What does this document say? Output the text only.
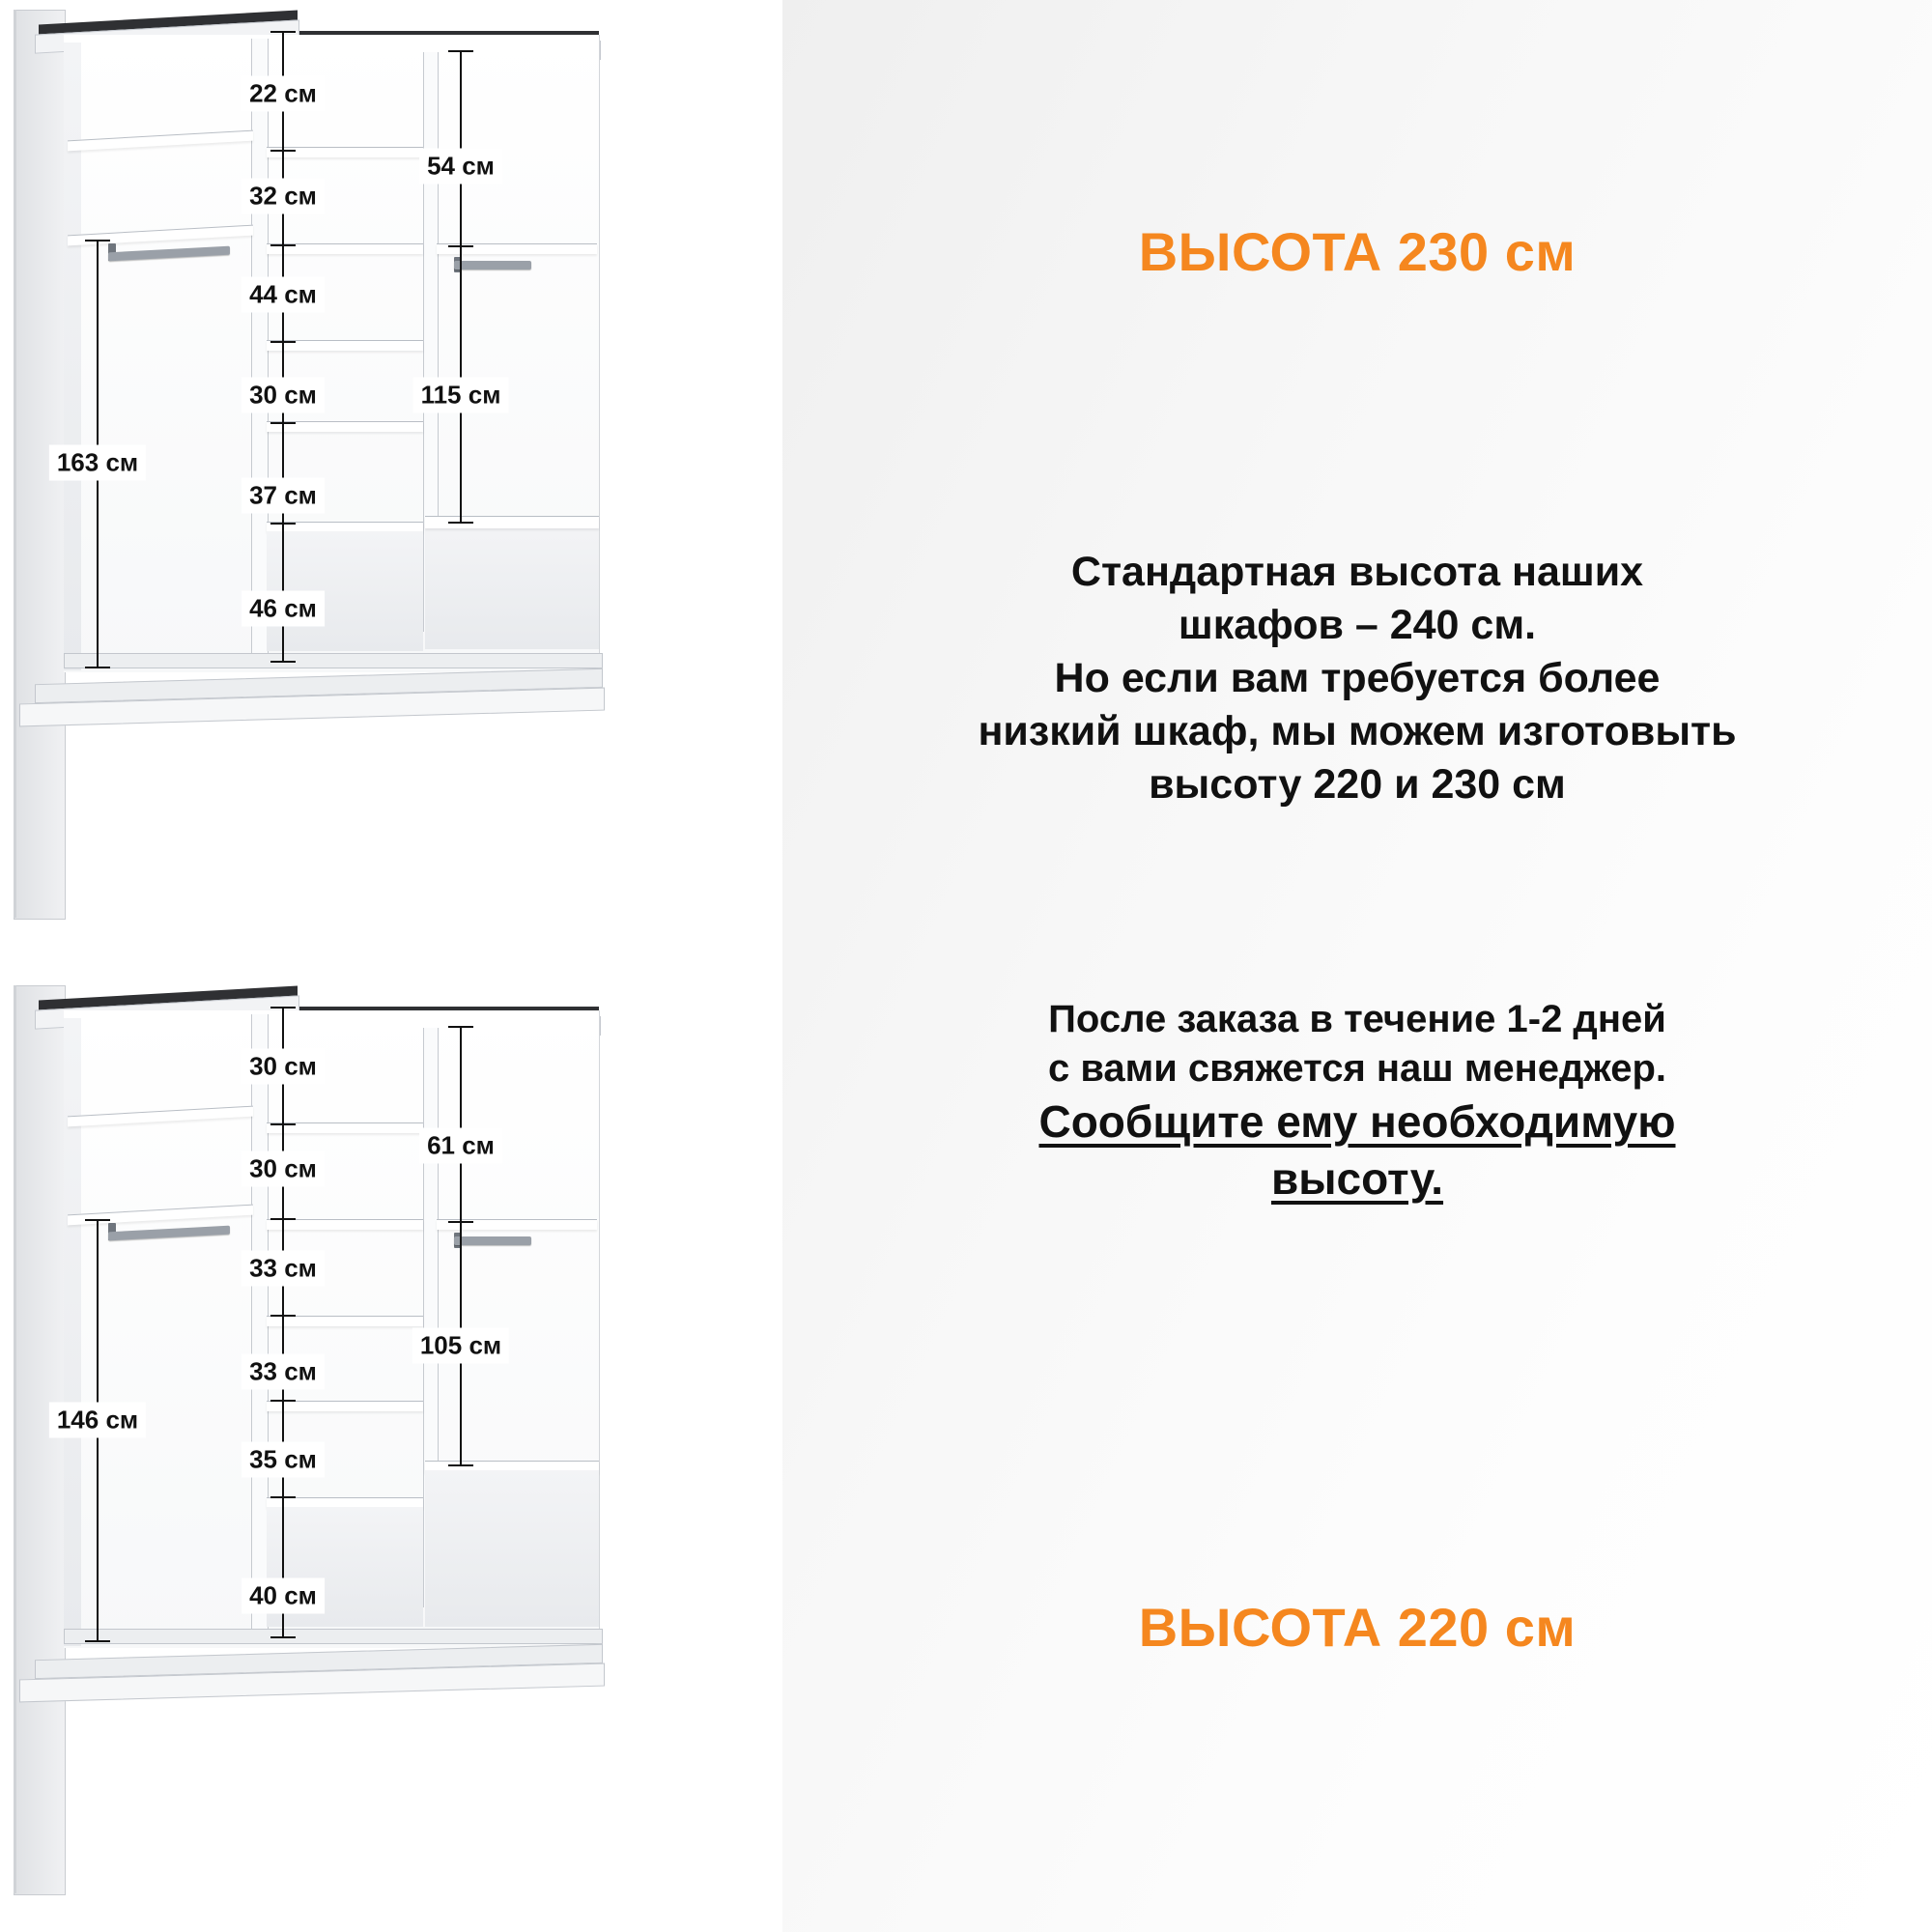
22 см
32 см
44 см
30 см
37 см
46 см
54 см
115 см
163 см
30 см
30 см
33 см
33 см
35 см
40 см
61 см
105 см
146 см
ВЫСОТА 230 см
Стандартная высота наших
шкафов – 240 см.
Но если вам требуется более
низкий шкаф, мы можем изготовыть
высоту 220 и 230 см
После заказа в течение 1-2 дней
с вами свяжется наш менеджер.
Сообщите ему необходимую
высоту.
ВЫСОТА 220 см
